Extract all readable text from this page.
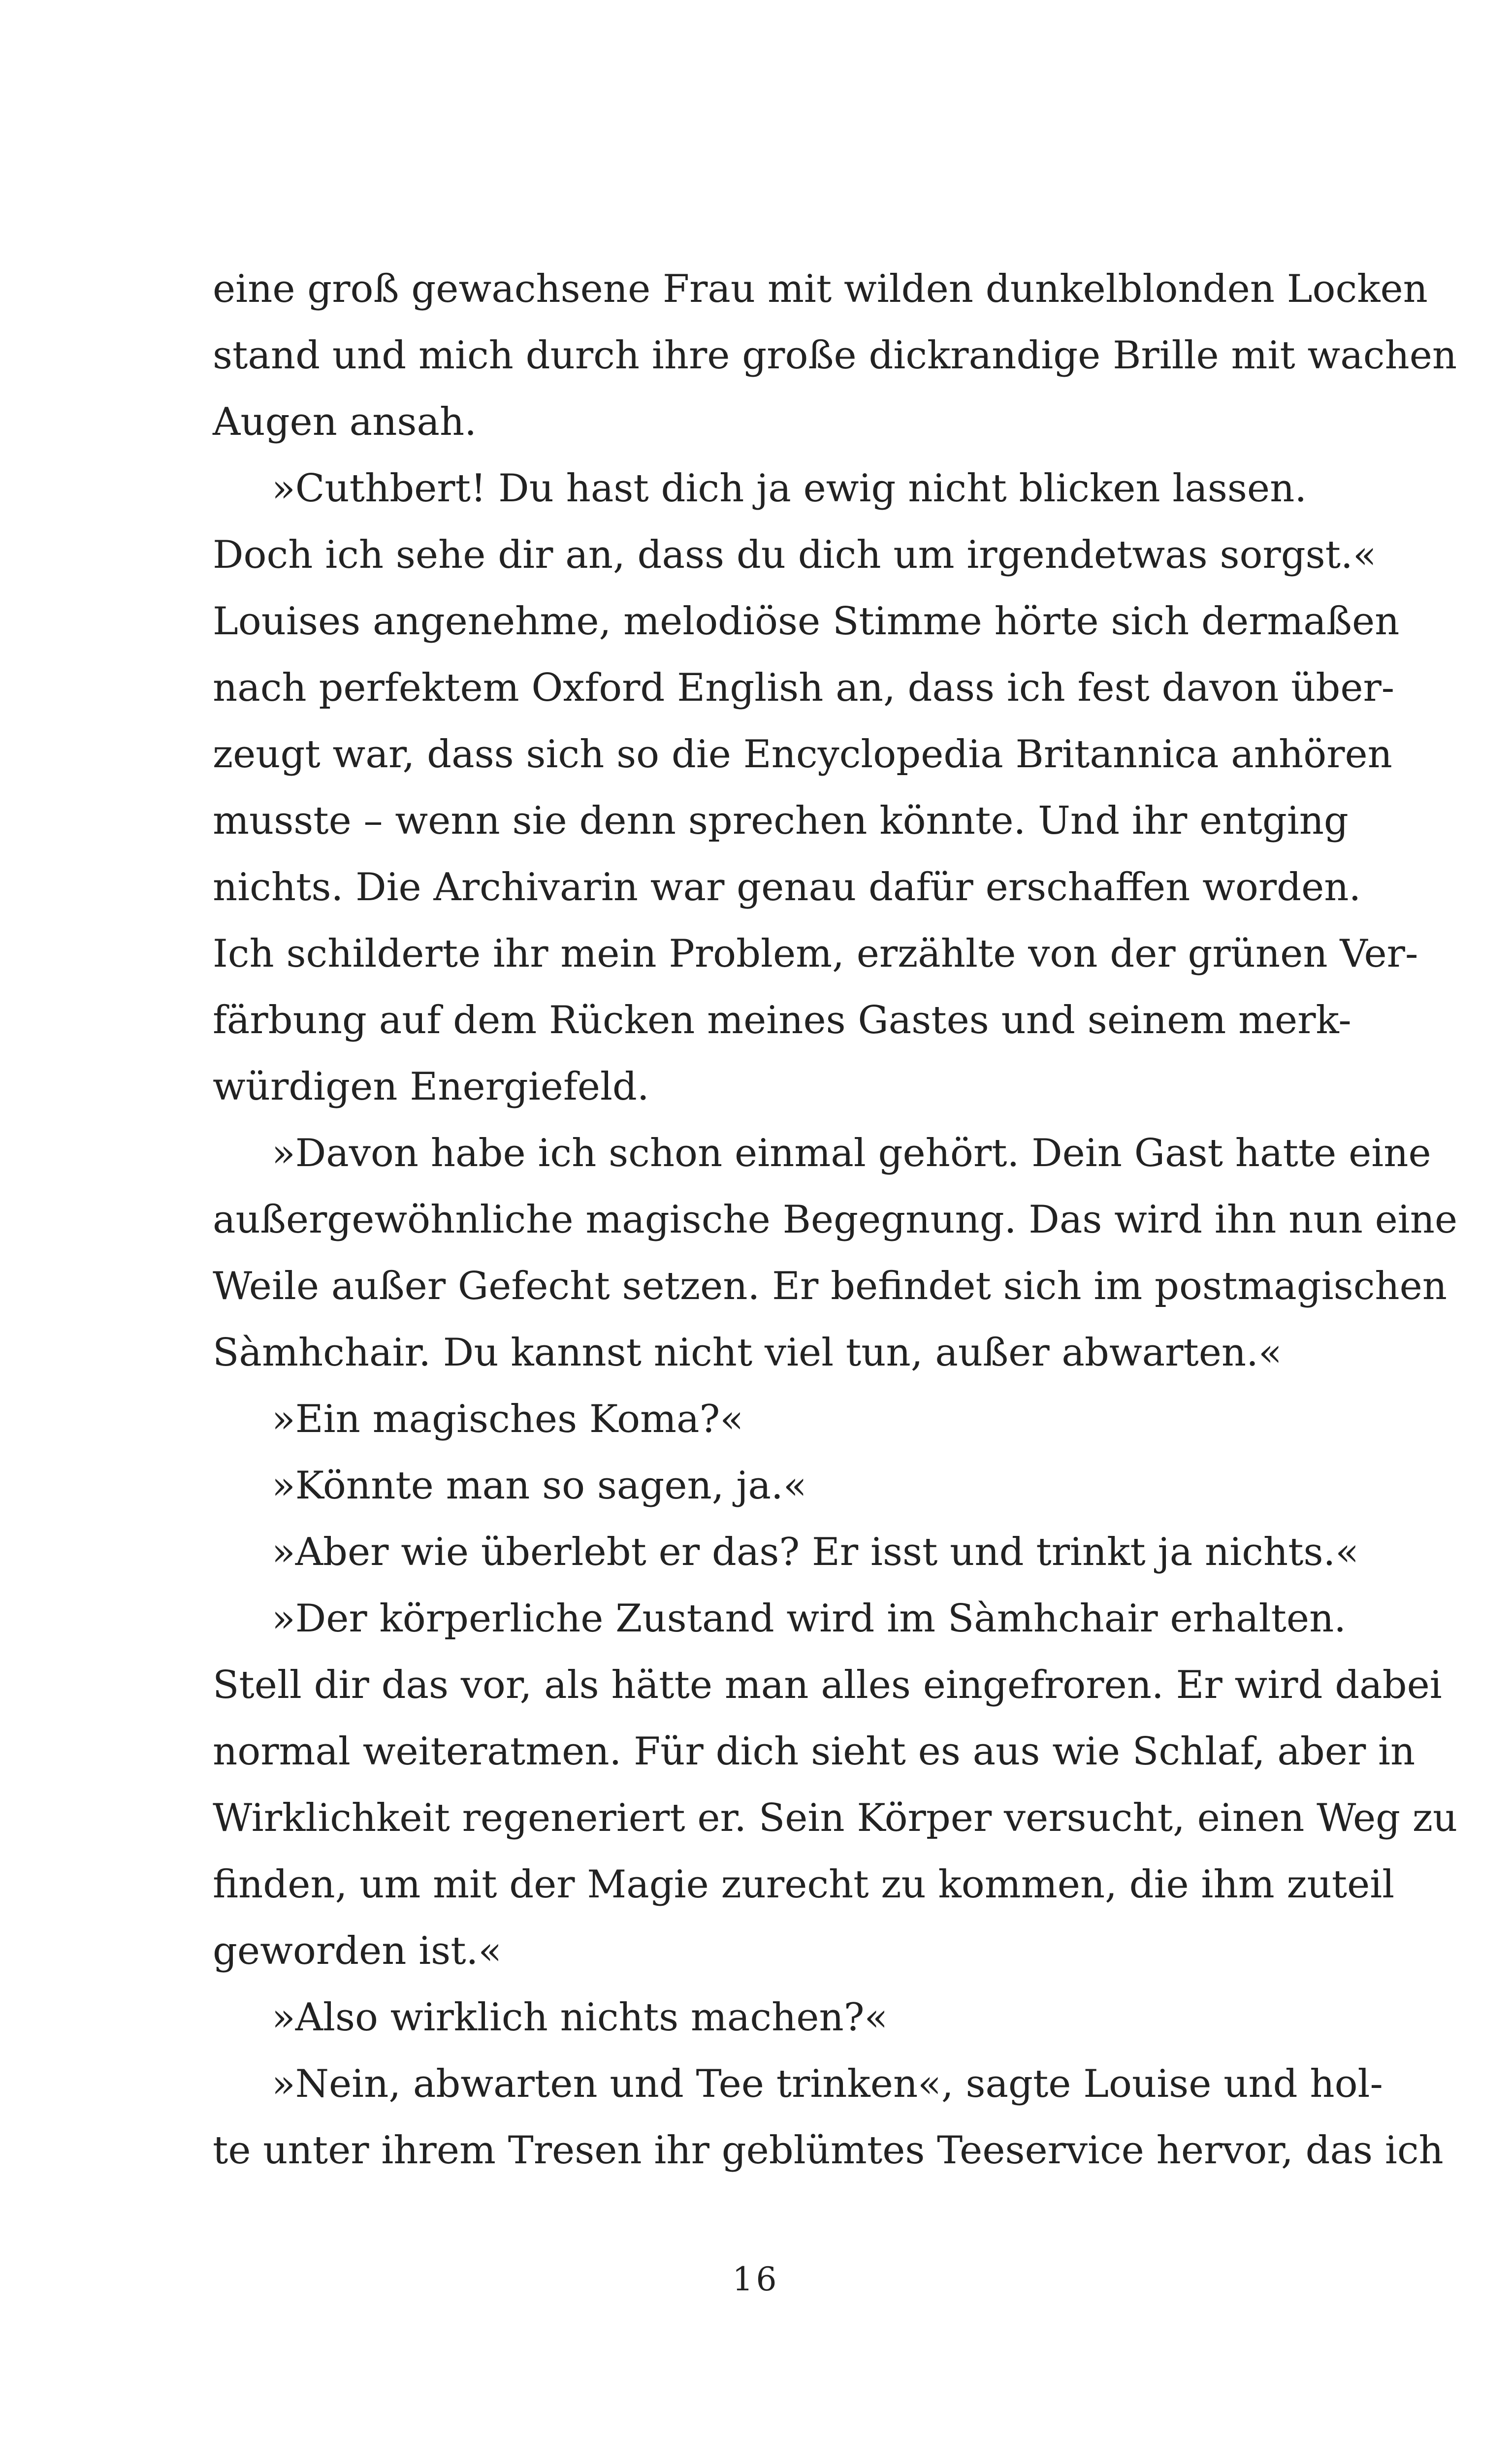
eine groß gewachsene Frau mit wilden dunkelblonden Locken
stand und mich durch ihre große dickrandige Brille mit wachen
Augen ansah.
»Cuthbert! Du hast dich ja ewig nicht blicken lassen.
Doch ich sehe dir an, dass du dich um irgendetwas sorgst.«
Louises angenehme, melodiöse Stimme hörte sich dermaßen
nach perfektem Oxford English an, dass ich fest davon über-
zeugt war, dass sich so die Encyclopedia Britannica anhören
musste – wenn sie denn sprechen könnte. Und ihr entging
nichts. Die Archivarin war genau dafür erschaffen worden.
Ich schilderte ihr mein Problem, erzählte von der grünen Ver-
färbung auf dem Rücken meines Gastes und seinem merk-
würdigen Energiefeld.
»Davon habe ich schon einmal gehört. Dein Gast hatte eine
außergewöhnliche magische Begegnung. Das wird ihn nun eine
Weile außer Gefecht setzen. Er befindet sich im postmagischen
Sàmhchair. Du kannst nicht viel tun, außer abwarten.«
»Ein magisches Koma?«
»Könnte man so sagen, ja.«
»Aber wie überlebt er das? Er isst und trinkt ja nichts.«
»Der körperliche Zustand wird im Sàmhchair erhalten.
Stell dir das vor, als hätte man alles eingefroren. Er wird dabei
normal weiteratmen. Für dich sieht es aus wie Schlaf, aber in
Wirklichkeit regeneriert er. Sein Körper versucht, einen Weg zu
finden, um mit der Magie zurecht zu kommen, die ihm zuteil
geworden ist.«
»Also wirklich nichts machen?«
»Nein, abwarten und Tee trinken«, sagte Louise und hol-
te unter ihrem Tresen ihr geblümtes Teeservice hervor, das ich
16
